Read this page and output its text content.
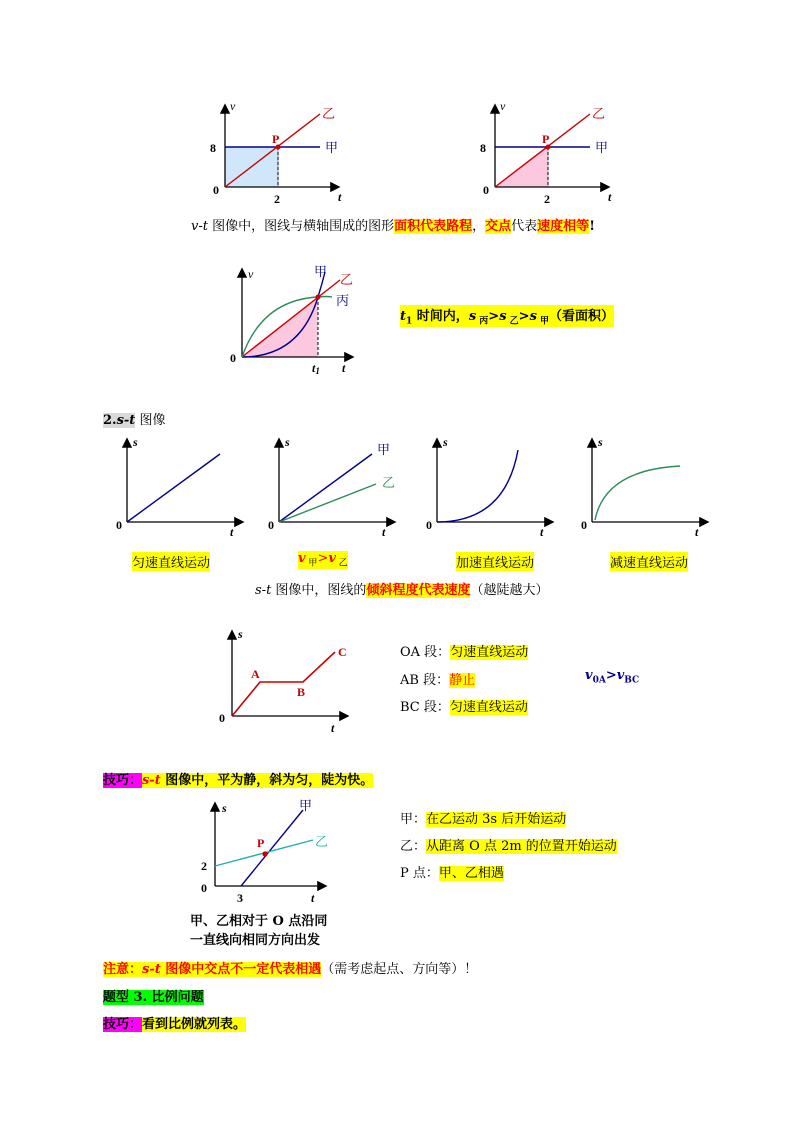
v
t
8
0
2
P
乙
甲
v
t
8
0
2
P
乙
甲
v-t 图像中，图线与横轴围成的图形面积代表路程，交点代表速度相等!
v
t
0
t1
甲
乙
丙
$t_1$ 时间内，s $_丙$>s $_乙$>s $_甲$（看面积）
2.s-t 图像
s
t
0
s
t
0
甲
乙
s
t
0
s
t
0
匀速直线运动	v $_甲$>v $_乙$	加速直线运动	减速直线运动
s-t 图像中，图线的倾斜程度代表速度（越陡越大）
s
t
0
A
B
C	OA 段：匀速直线运动
AB 段：静止
BC 段：匀速直线运动
$v_{0A}>v_{BC}$
技巧：s-t 图像中，平为静，斜为匀，陡为快。
s
t
0
2
3
P
甲
乙
甲、乙相对于 O 点沿同
一直线向相同方向出发
甲：在乙运动 3s 后开始运动
乙：从距离 O 点 2m 的位置开始运动
P 点：甲、乙相遇
注意：s-t 图像中交点不一定代表相遇（需考虑起点、方向等）！
题型 3. 比例问题
技巧：看到比例就列表。
